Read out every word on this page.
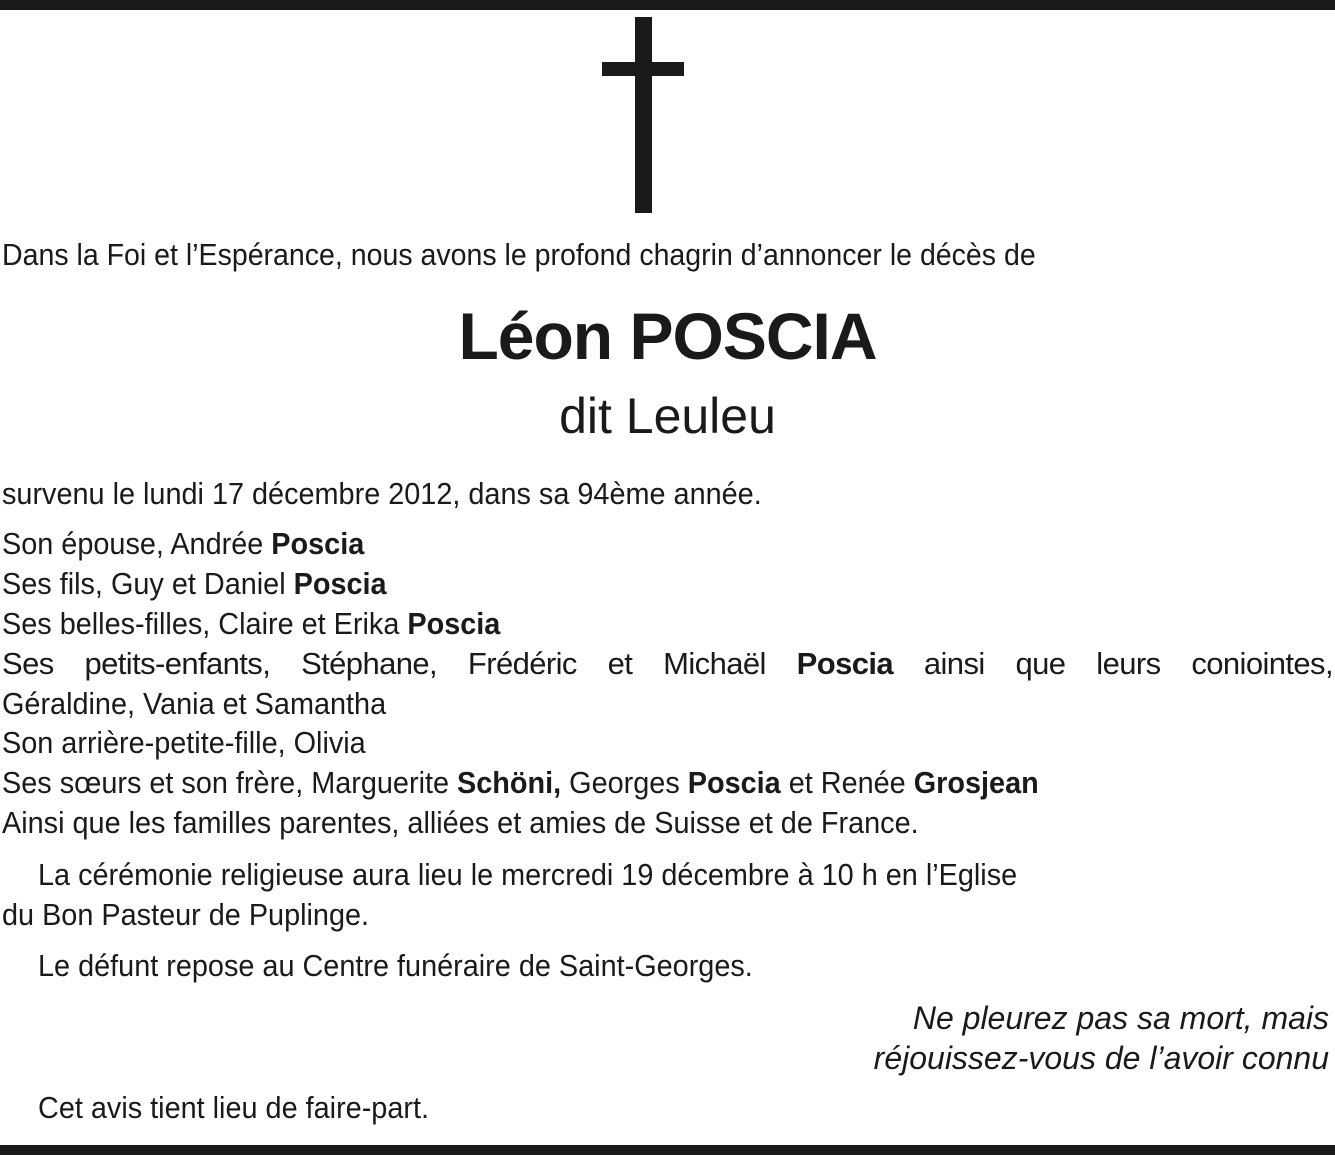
Dans la Foi et l’Espérance, nous avons le profond chagrin d’annoncer le décès de
Léon POSCIA
dit Leuleu
survenu le lundi 17 décembre 2012, dans sa 94ème année.
Son épouse, Andrée Poscia
Ses fils, Guy et Daniel Poscia
Ses belles-filles, Claire et Erika Poscia
Ses petits-enfants, Stéphane, Frédéric et Michaël Poscia ainsi que leurs coniointes,
Géraldine, Vania et Samantha
Son arrière-petite-fille, Olivia
Ses sœurs et son frère, Marguerite Schöni, Georges Poscia et Renée Grosjean
Ainsi que les familles parentes, alliées et amies de Suisse et de France.
La cérémonie religieuse aura lieu le mercredi 19 décembre à 10 h en l’Eglise
du Bon Pasteur de Puplinge.
Le défunt repose au Centre funéraire de Saint-Georges.
Ne pleurez pas sa mort, mais
réjouissez-vous de l’avoir connu
Cet avis tient lieu de faire-part.
